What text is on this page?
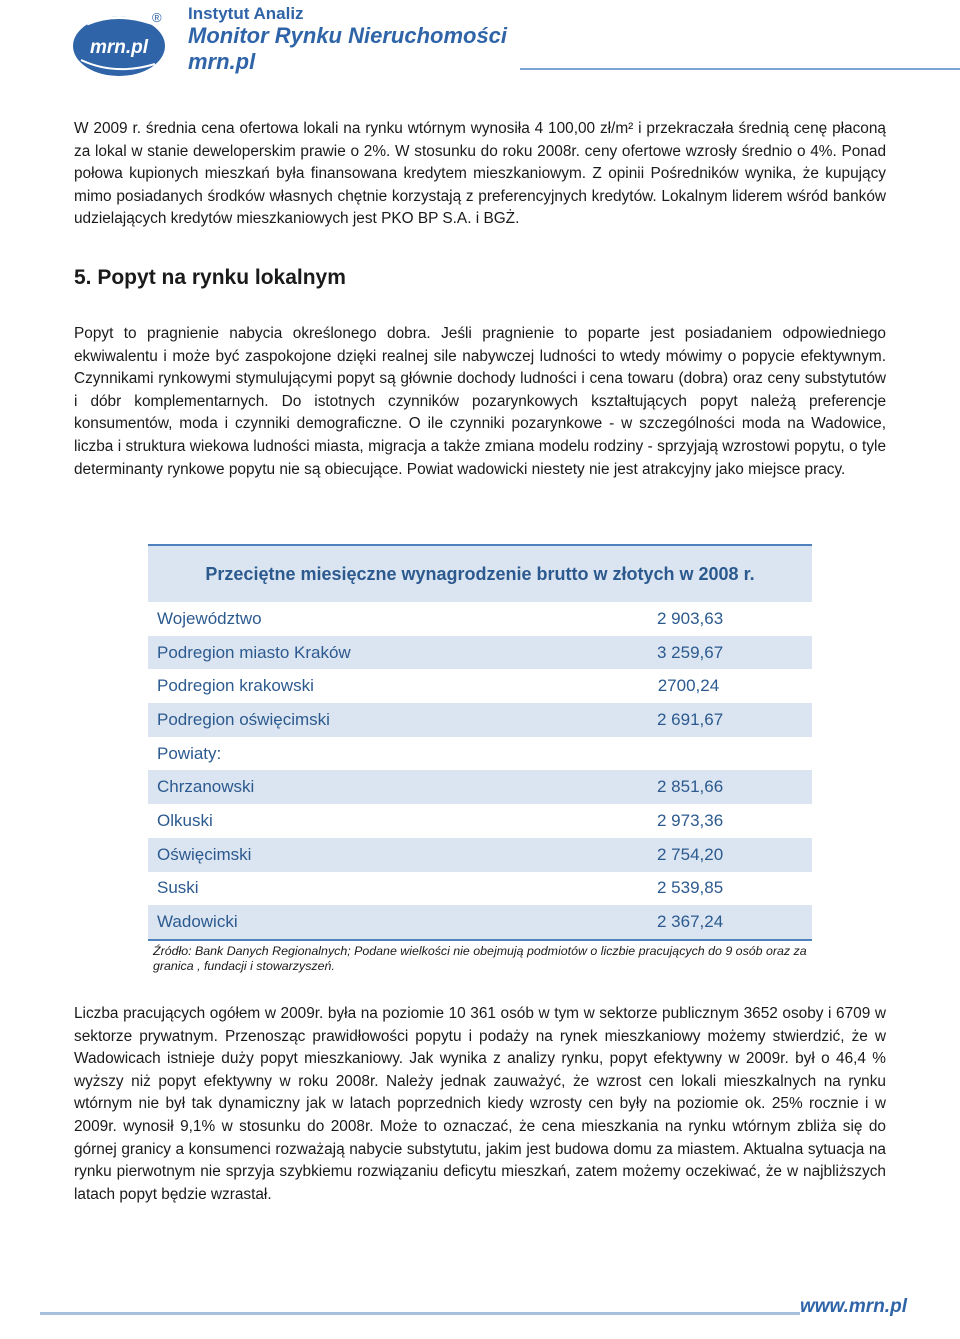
mrn.pl
® Instytut Analiz
Monitor Rynku Nieruchomości
mrn.pl

W 2009 r. średnia cena ofertowa lokali na rynku wtórnym wynosiła 4 100,00 zł/m² i przekraczała średnią cenę płaconą za lokal w stanie deweloperskim prawie o 2%. W stosunku do roku 2008r. ceny ofertowe wzrosły średnio o 4%. Ponad połowa kupionych mieszkań była finansowana kredytem mieszkaniowym. Z opinii Pośredników wynika, że kupujący mimo posiadanych środków własnych chętnie korzystają z preferencyjnych kredytów. Lokalnym liderem wśród banków udzielających kredytów mieszkaniowych jest PKO BP S.A. i BGŻ.

5. Popyt na rynku lokalnym

Popyt to pragnienie nabycia określonego dobra. Jeśli pragnienie to poparte jest posiadaniem odpowiedniego ekwiwalentu i może być zaspokojone dzięki realnej sile nabywczej ludności to wtedy mówimy o popycie efektywnym. Czynnikami rynkowymi stymulującymi popyt są głównie dochody ludności i cena towaru (dobra) oraz ceny substytutów i dóbr komplementarnych. Do istotnych czynników pozarynkowych kształtujących popyt należą preferencje konsumentów, moda i czynniki demograficzne. O ile czynniki pozarynkowe - w szczególności moda na Wadowice, liczba i struktura wiekowa ludności miasta, migracja a także zmiana modelu rodziny - sprzyjają wzrostowi popytu, o tyle determinanty rynkowe popytu nie są obiecujące. Powiat wadowicki niestety nie jest atrakcyjny jako miejsce pracy.

Przeciętne miesięczne wynagrodzenie brutto w złotych w 2008 r.
Województwo	2 903,63
Podregion miasto Kraków	3 259,67
Podregion krakowski	2700,24
Podregion oświęcimski	2 691,67
Powiaty:
Chrzanowski	2 851,66
Olkuski	2 973,36
Oświęcimski	2 754,20
Suski	2 539,85
Wadowicki	2 367,24
Źródło: Bank Danych Regionalnych; Podane wielkości nie obejmują podmiotów o liczbie pracujących do 9 osób oraz za granica , fundacji i stowarzyszeń.

Liczba pracujących ogółem w 2009r. była na poziomie 10 361 osób w tym w sektorze publicznym 3652 osoby i 6709 w sektorze prywatnym. Przenosząc prawidłowości popytu i podaży na rynek mieszkaniowy możemy stwierdzić, że w Wadowicach istnieje duży popyt mieszkaniowy. Jak wynika z analizy rynku, popyt efektywny w 2009r. był o 46,4 % wyższy niż popyt efektywny w roku 2008r. Należy jednak zauważyć, że wzrost cen lokali mieszkalnych na rynku wtórnym nie był tak dynamiczny jak w latach poprzednich kiedy wzrosty cen były na poziomie ok. 25% rocznie i w 2009r. wynosił 9,1% w stosunku do 2008r. Może to oznaczać, że cena mieszkania na rynku wtórnym zbliża się do górnej granicy a konsumenci rozważają nabycie substytutu, jakim jest budowa domu za miastem. Aktualna sytuacja na rynku pierwotnym nie sprzyja szybkiemu rozwiązaniu deficytu mieszkań, zatem możemy oczekiwać, że w najbliższych latach popyt będzie wzrastał.

www.mrn.pl
